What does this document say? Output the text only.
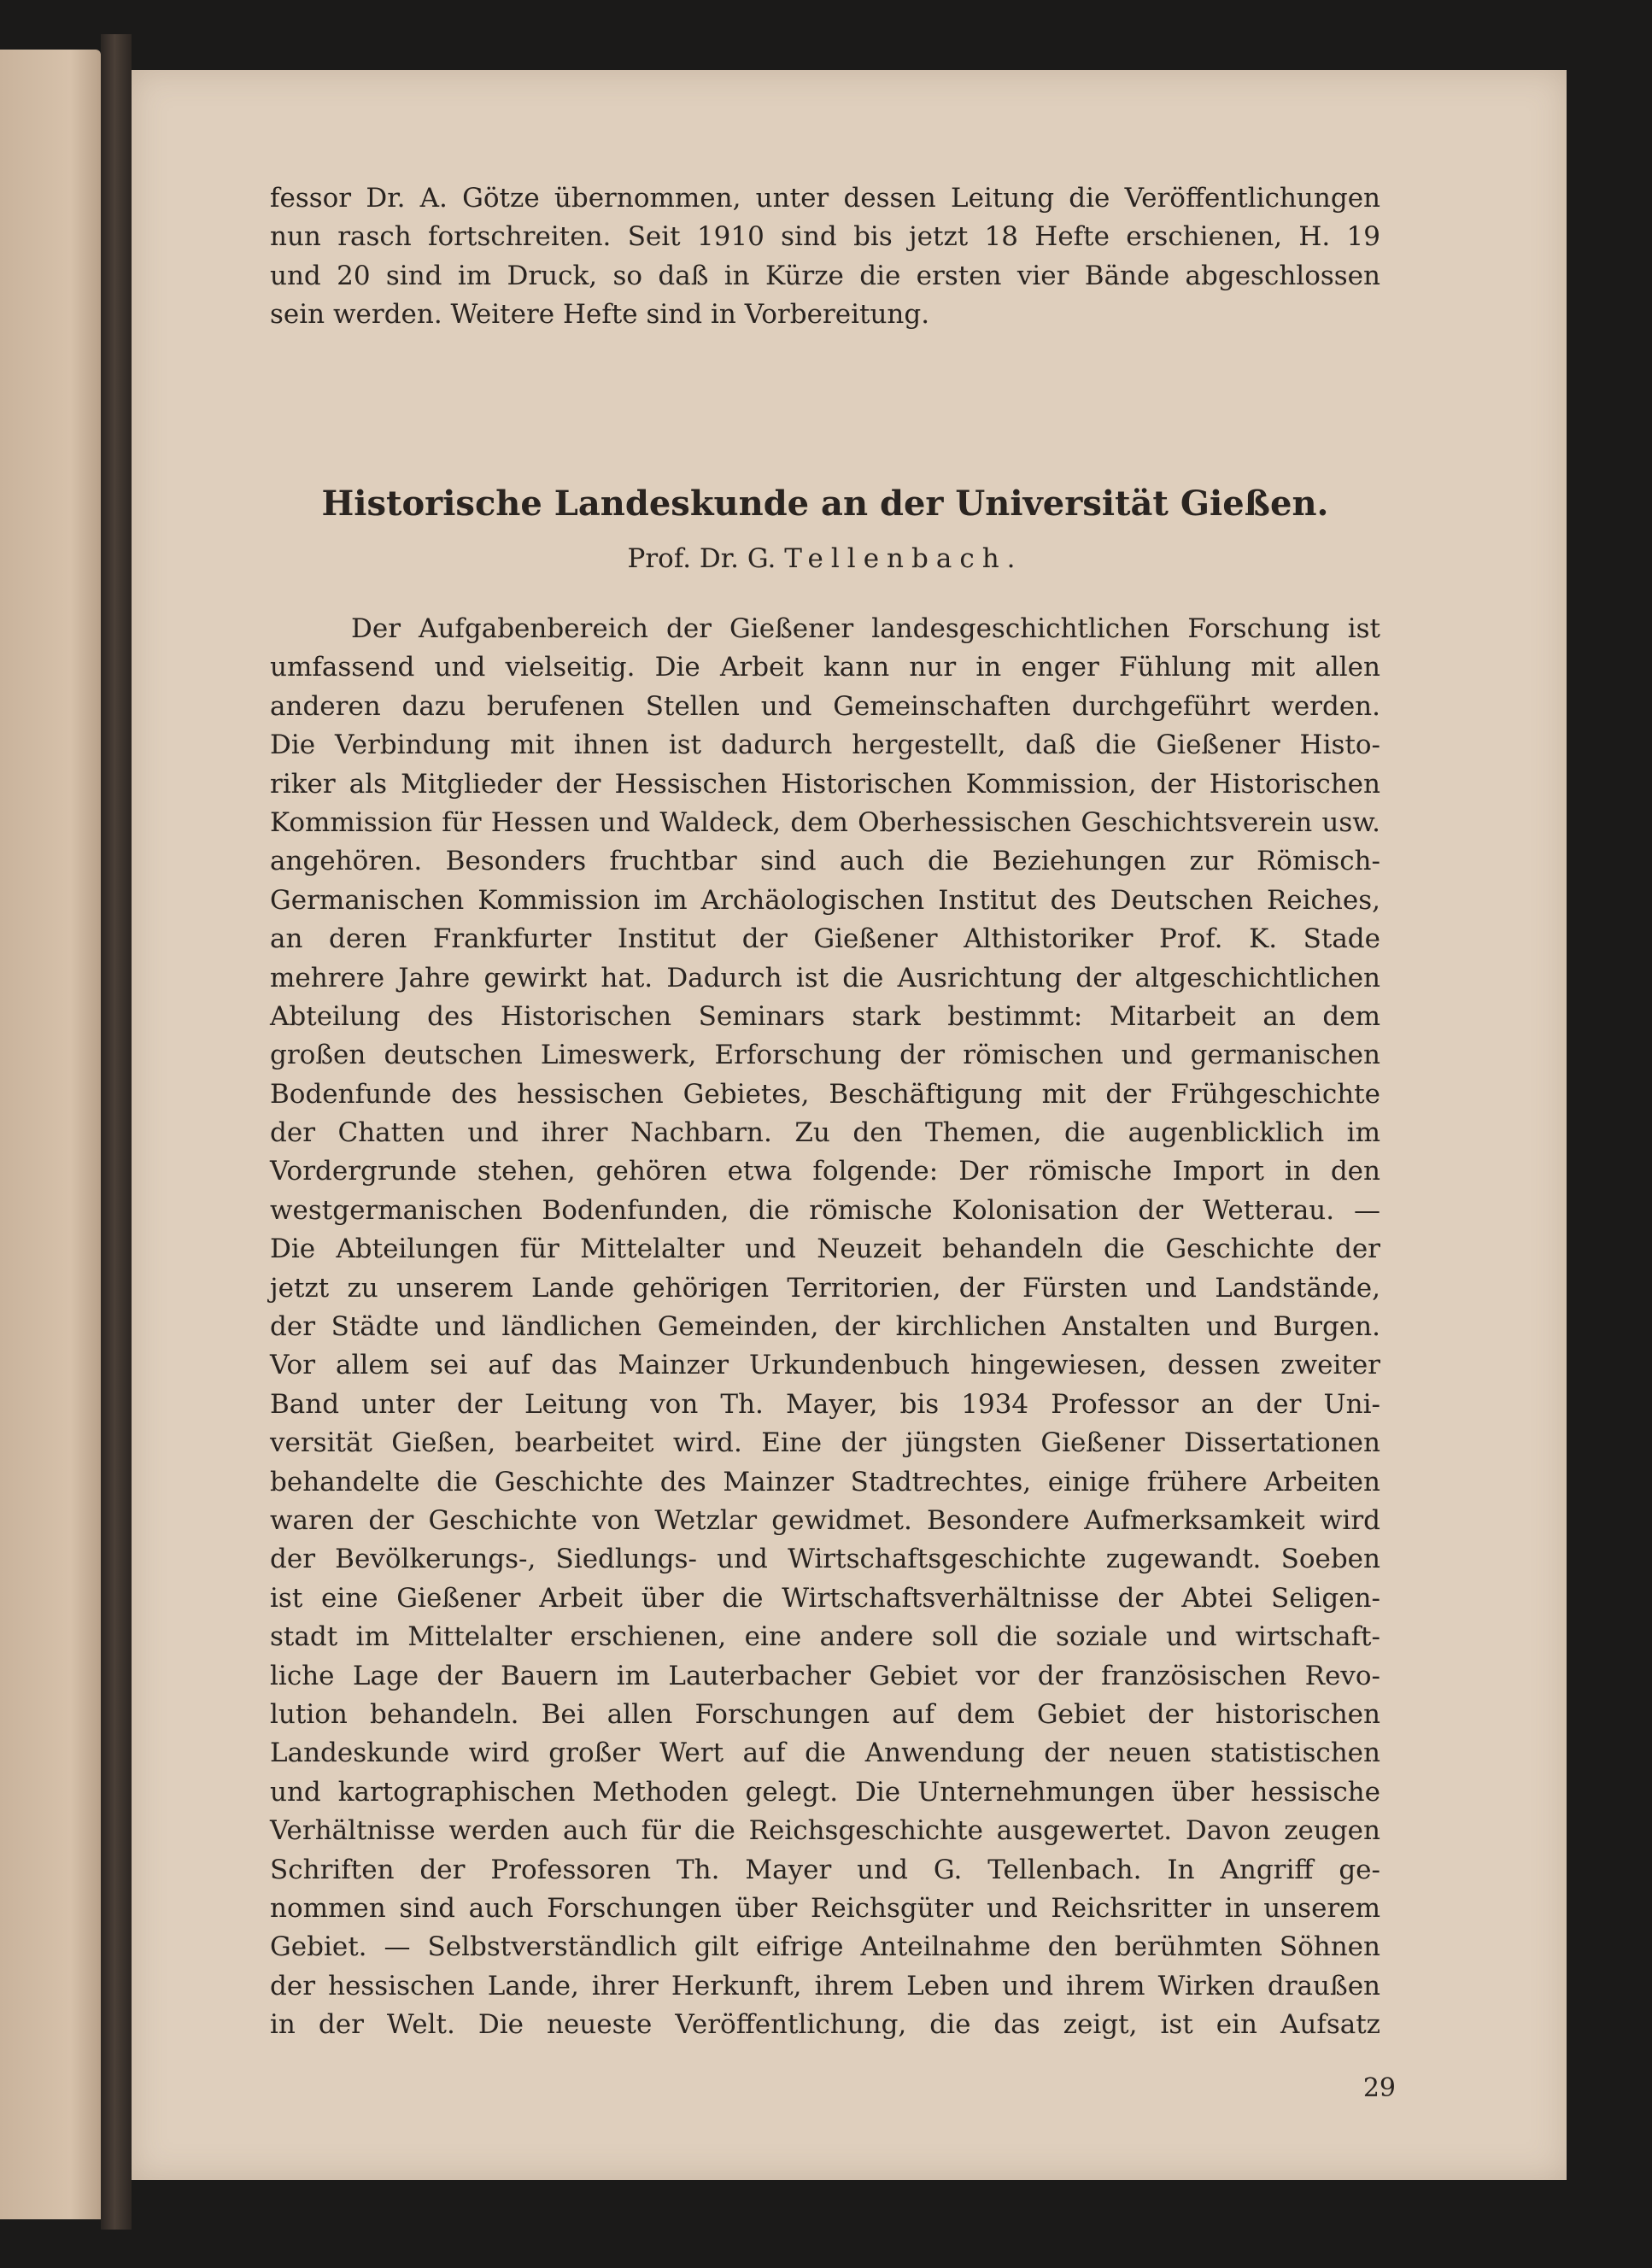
fessor Dr. A. Götze übernommen, unter dessen Leitung die Veröffentlichungen
nun rasch fortschreiten. Seit 1910 sind bis jetzt 18 Hefte erschienen, H. 19
und 20 sind im Druck, so daß in Kürze die ersten vier Bände abgeschlossen
sein werden. Weitere Hefte sind in Vorbereitung.
Historische Landeskunde an der Universität Gießen.
Prof. Dr. G. Tellenbach.
Der Aufgabenbereich der Gießener landesgeschichtlichen Forschung ist
umfassend und vielseitig. Die Arbeit kann nur in enger Fühlung mit allen
anderen dazu berufenen Stellen und Gemeinschaften durchgeführt werden.
Die Verbindung mit ihnen ist dadurch hergestellt, daß die Gießener Histo-
riker als Mitglieder der Hessischen Historischen Kommission, der Historischen
Kommission für Hessen und Waldeck, dem Oberhessischen Geschichtsverein usw.
angehören. Besonders fruchtbar sind auch die Beziehungen zur Römisch-
Germanischen Kommission im Archäologischen Institut des Deutschen Reiches,
an deren Frankfurter Institut der Gießener Althistoriker Prof. K. Stade
mehrere Jahre gewirkt hat. Dadurch ist die Ausrichtung der altgeschichtlichen
Abteilung des Historischen Seminars stark bestimmt: Mitarbeit an dem
großen deutschen Limeswerk, Erforschung der römischen und germanischen
Bodenfunde des hessischen Gebietes, Beschäftigung mit der Frühgeschichte
der Chatten und ihrer Nachbarn. Zu den Themen, die augenblicklich im
Vordergrunde stehen, gehören etwa folgende: Der römische Import in den
westgermanischen Bodenfunden, die römische Kolonisation der Wetterau. —
Die Abteilungen für Mittelalter und Neuzeit behandeln die Geschichte der
jetzt zu unserem Lande gehörigen Territorien, der Fürsten und Landstände,
der Städte und ländlichen Gemeinden, der kirchlichen Anstalten und Burgen.
Vor allem sei auf das Mainzer Urkundenbuch hingewiesen, dessen zweiter
Band unter der Leitung von Th. Mayer, bis 1934 Professor an der Uni-
versität Gießen, bearbeitet wird. Eine der jüngsten Gießener Dissertationen
behandelte die Geschichte des Mainzer Stadtrechtes, einige frühere Arbeiten
waren der Geschichte von Wetzlar gewidmet. Besondere Aufmerksamkeit wird
der Bevölkerungs-, Siedlungs- und Wirtschaftsgeschichte zugewandt. Soeben
ist eine Gießener Arbeit über die Wirtschaftsverhältnisse der Abtei Seligen-
stadt im Mittelalter erschienen, eine andere soll die soziale und wirtschaft-
liche Lage der Bauern im Lauterbacher Gebiet vor der französischen Revo-
lution behandeln. Bei allen Forschungen auf dem Gebiet der historischen
Landeskunde wird großer Wert auf die Anwendung der neuen statistischen
und kartographischen Methoden gelegt. Die Unternehmungen über hessische
Verhältnisse werden auch für die Reichsgeschichte ausgewertet. Davon zeugen
Schriften der Professoren Th. Mayer und G. Tellenbach. In Angriff ge-
nommen sind auch Forschungen über Reichsgüter und Reichsritter in unserem
Gebiet. — Selbstverständlich gilt eifrige Anteilnahme den berühmten Söhnen
der hessischen Lande, ihrer Herkunft, ihrem Leben und ihrem Wirken draußen
in der Welt. Die neueste Veröffentlichung, die das zeigt, ist ein Aufsatz
29
